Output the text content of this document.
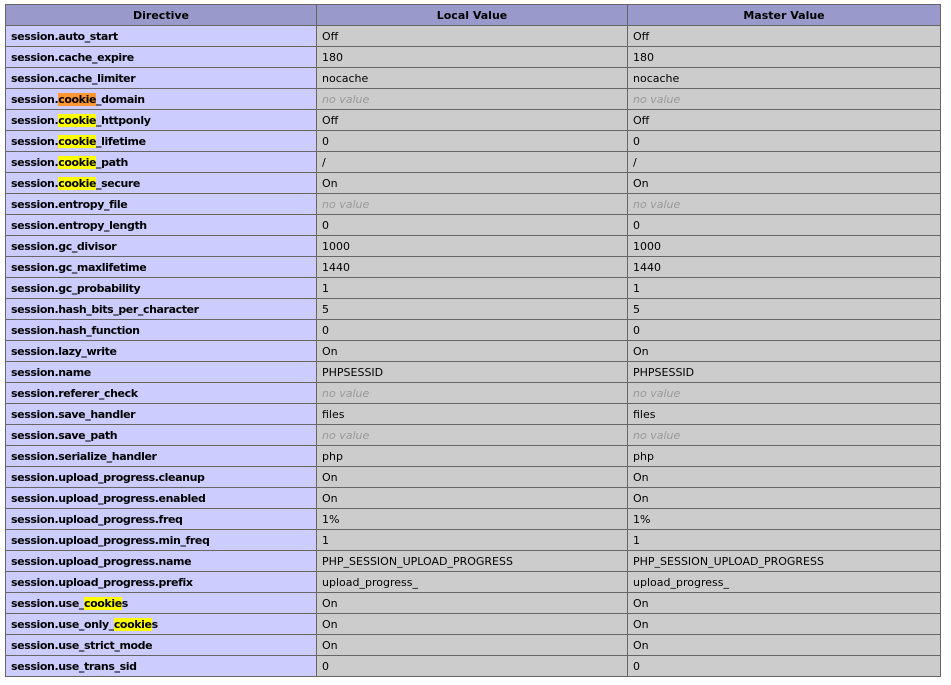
Directive	Local Value	Master Value
session.auto_start	Off	Off
session.cache_expire	180	180
session.cache_limiter	nocache	nocache
session.cookie_domain	no value	no value
session.cookie_httponly	Off	Off
session.cookie_lifetime	0	0
session.cookie_path	/	/
session.cookie_secure	On	On
session.entropy_file	no value	no value
session.entropy_length	0	0
session.gc_divisor	1000	1000
session.gc_maxlifetime	1440	1440
session.gc_probability	1	1
session.hash_bits_per_character	5	5
session.hash_function	0	0
session.lazy_write	On	On
session.name	PHPSESSID	PHPSESSID
session.referer_check	no value	no value
session.save_handler	files	files
session.save_path	no value	no value
session.serialize_handler	php	php
session.upload_progress.cleanup	On	On
session.upload_progress.enabled	On	On
session.upload_progress.freq	1%	1%
session.upload_progress.min_freq	1	1
session.upload_progress.name	PHP_SESSION_UPLOAD_PROGRESS	PHP_SESSION_UPLOAD_PROGRESS
session.upload_progress.prefix	upload_progress_	upload_progress_
session.use_cookies	On	On
session.use_only_cookies	On	On
session.use_strict_mode	On	On
session.use_trans_sid	0	0
